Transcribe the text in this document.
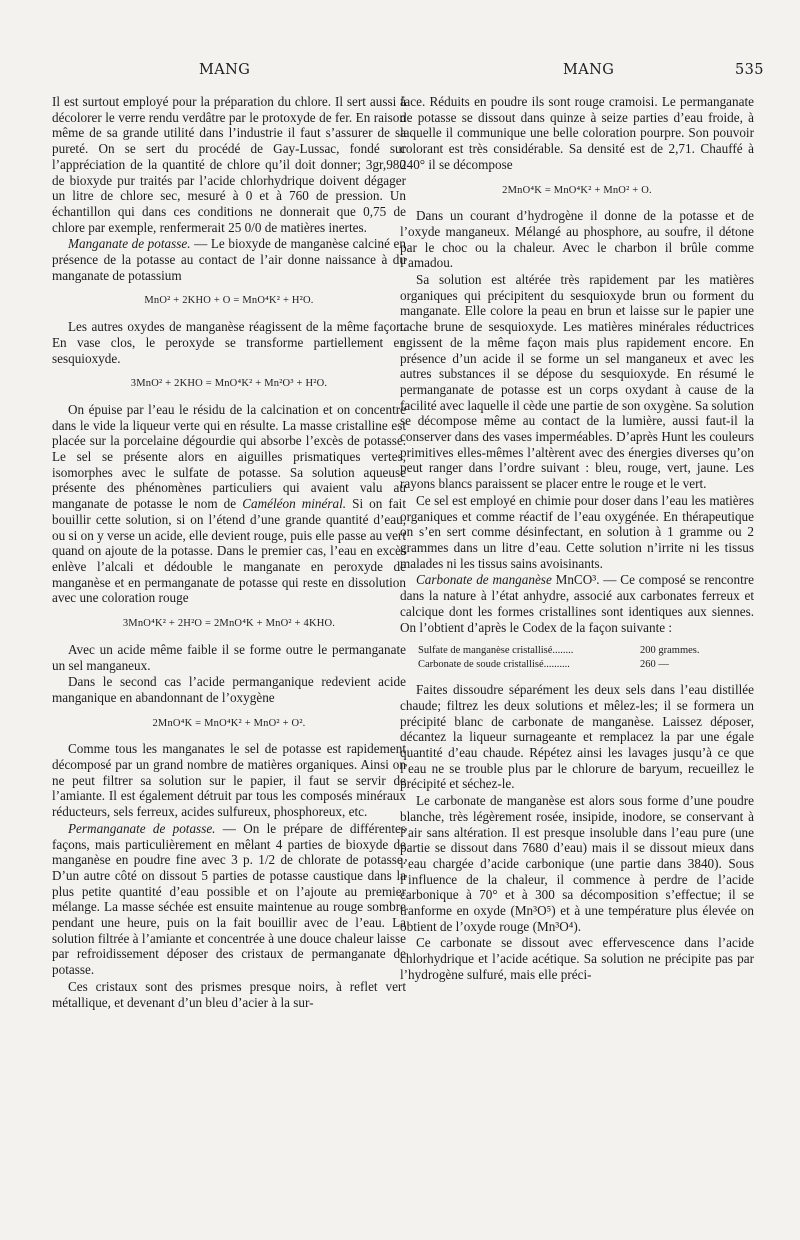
MANG	MANG	535

Il est surtout employé pour la préparation du chlore. Il sert aussi à décolorer le verre rendu verdâtre par le protoxyde de fer. En raison même de sa grande utilité dans l’industrie il faut s’assurer de sa pureté. On se sert du procédé de Gay-Lussac, fondé sur l’appréciation de la quantité de chlore qu’il doit donner; 3gr,980 de bioxyde pur traités par l’acide chlorhydrique doivent dégager un litre de chlore sec, mesuré à 0 et à 760 de pression. Un échantillon qui dans ces conditions ne donnerait que 0,75 de chlore par exemple, renfermerait 25 0/0 de matières inertes.

Manganate de potasse. — Le bioxyde de manganèse calciné en présence de la potasse au contact de l’air donne naissance à du manganate de potassium

MnO² + 2KHO + O = MnO⁴K² + H²O.

Les autres oxydes de manganèse réagissent de la même façon. En vase clos, le peroxyde se transforme partiellement en sesquioxyde.

3MnO² + 2KHO = MnO⁴K² + Mn²O³ + H²O.

On épuise par l’eau le résidu de la calcination et on concentre dans le vide la liqueur verte qui en résulte. La masse cristalline est placée sur la porcelaine dégourdie qui absorbe l’excès de potasse. Le sel se présente alors en aiguilles prismatiques vertes, isomorphes avec le sulfate de potasse. Sa solution aqueuse présente des phénomènes particuliers qui avaient valu au manganate de potasse le nom de Caméléon minéral. Si on fait bouillir cette solution, si on l’étend d’une grande quantité d’eau, ou si on y verse un acide, elle devient rouge, puis elle passe au vert quand on ajoute de la potasse. Dans le premier cas, l’eau en excès enlève l’alcali et dédouble le manganate en peroxyde de manganèse et en permanganate de potasse qui reste en dissolution avec une coloration rouge

3MnO⁴K² + 2H²O = 2MnO⁴K + MnO² + 4KHO.

Avec un acide même faible il se forme outre le permanganate un sel manganeux.

Dans le second cas l’acide permanganique redevient acide manganique en abandonnant de l’oxygène

2MnO⁴K = MnO⁴K² + MnO² + O².

Comme tous les manganates le sel de potasse est rapidement décomposé par un grand nombre de matières organiques. Ainsi on ne peut filtrer sa solution sur le papier, il faut se servir de l’amiante. Il est également détruit par tous les composés minéraux réducteurs, sels ferreux, acides sulfureux, phosphoreux, etc.

Permanganate de potasse. — On le prépare de différentes façons, mais particulièrement en mêlant 4 parties de bioxyde de manganèse en poudre fine avec 3 p. 1/2 de chlorate de potasse. D’un autre côté on dissout 5 parties de potasse caustique dans la plus petite quantité d’eau possible et on l’ajoute au premier mélange. La masse séchée est ensuite maintenue au rouge sombre pendant une heure, puis on la fait bouillir avec de l’eau. La solution filtrée à l’amiante et concentrée à une douce chaleur laisse par refroidissement déposer des cristaux de permanganate de potasse.

Ces cristaux sont des prismes presque noirs, à reflet vert métallique, et devenant d’un bleu d’acier à la sur-

face. Réduits en poudre ils sont rouge cramoisi. Le permanganate de potasse se dissout dans quinze à seize parties d’eau froide, à laquelle il communique une belle coloration pourpre. Son pouvoir colorant est très considérable. Sa densité est de 2,71. Chauffé à 240° il se décompose

2MnO⁴K = MnO⁴K² + MnO² + O.

Dans un courant d’hydrogène il donne de la potasse et de l’oxyde manganeux. Mélangé au phosphore, au soufre, il détone par le choc ou la chaleur. Avec le charbon il brûle comme l’amadou.

Sa solution est altérée très rapidement par les matières organiques qui précipitent du sesquioxyde brun ou forment du manganate. Elle colore la peau en brun et laisse sur le papier une tache brune de sesquioxyde. Les matières minérales réductrices agissent de la même façon mais plus rapidement encore. En présence d’un acide il se forme un sel manganeux et avec les autres substances il se dépose du sesquioxyde. En résumé le permanganate de potasse est un corps oxydant à cause de la facilité avec laquelle il cède une partie de son oxygène. Sa solution se décompose même au contact de la lumière, aussi faut-il la conserver dans des vases imperméables. D’après Hunt les couleurs primitives elles-mêmes l’altèrent avec des énergies diverses qu’on peut ranger dans l’ordre suivant : bleu, rouge, vert, jaune. Les rayons blancs paraissent se placer entre le rouge et le vert.

Ce sel est employé en chimie pour doser dans l’eau les matières organiques et comme réactif de l’eau oxygénée. En thérapeutique on s’en sert comme désinfectant, en solution à 1 gramme ou 2 grammes dans un litre d’eau. Cette solution n’irrite ni les tissus malades ni les tissus sains avoisinants.

Carbonate de manganèse MnCO³. — Ce composé se rencontre dans la nature à l’état anhydre, associé aux carbonates ferreux et calcique dont les formes cristallines sont identiques aux siennes. On l’obtient d’après le Codex de la façon suivante :

Sulfate de manganèse cristallisé........	200 grammes.
Carbonate de soude cristallisé..........	260 —

Faites dissoudre séparément les deux sels dans l’eau distillée chaude; filtrez les deux solutions et mêlez-les; il se formera un précipité blanc de carbonate de manganèse. Laissez déposer, décantez la liqueur surnageante et remplacez la par une égale quantité d’eau chaude. Répétez ainsi les lavages jusqu’à ce que l’eau ne se trouble plus par le chlorure de baryum, recueillez le précipité et séchez-le.

Le carbonate de manganèse est alors sous forme d’une poudre blanche, très légèrement rosée, insipide, inodore, se conservant à l’air sans altération. Il est presque insoluble dans l’eau pure (une partie se dissout dans 7680 d’eau) mais il se dissout mieux dans l’eau chargée d’acide carbonique (une partie dans 3840). Sous l’influence de la chaleur, il commence à perdre de l’acide carbonique à 70° et à 300 sa décomposition s’effectue; il se tranforme en oxyde (Mn³O⁵) et à une température plus élevée on obtient de l’oxyde rouge (Mn³O⁴).

Ce carbonate se dissout avec effervescence dans l’acide chlorhydrique et l’acide acétique. Sa solution ne précipite pas par l’hydrogène sulfuré, mais elle préci-
